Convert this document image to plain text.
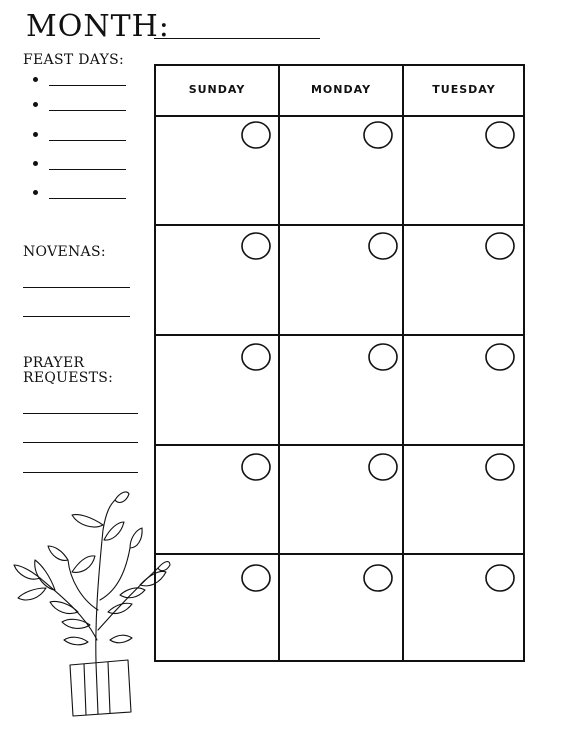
MONTH:
FEAST DAYS:
NOVENAS:
PRAYER
REQUESTS:
SUNDAY	MONDAY	TUESDAY
